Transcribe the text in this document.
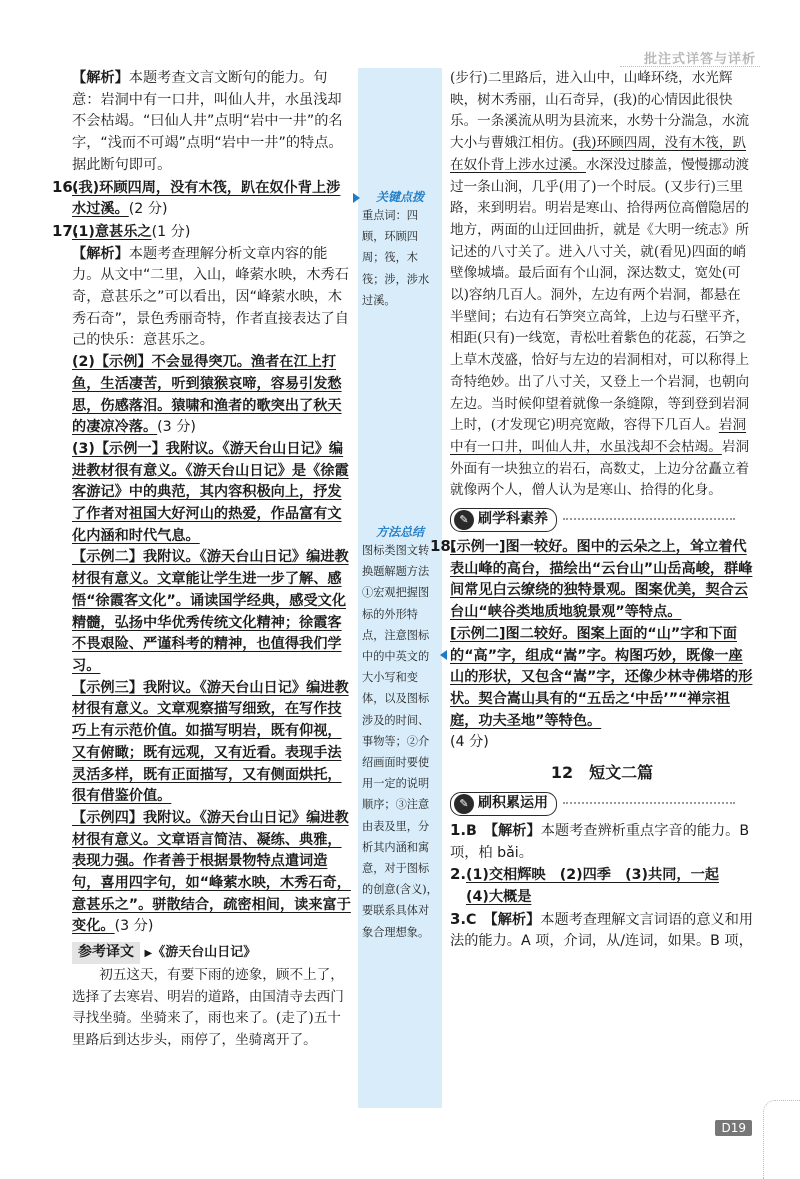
批注式详答与详析

【解析】本题考查文言文断句的能力。句意：岩洞中有一口井，叫仙人井，水虽浅却不会枯竭。“曰仙人井”点明“岩中一井”的名字，“浅而不可竭”点明“岩中一井”的特点。据此断句即可。

16.(我)环顾四周，没有木筏，趴在奴仆背上涉水过溪。(2 分)

17.(1)意甚乐之(1 分)

【解析】本题考查理解分析文章内容的能力。从文中“二里，入山，峰萦水映，木秀石奇，意甚乐之”可以看出，因“峰萦水映，木秀石奇”，景色秀丽奇特，作者直接表达了自己的快乐：意甚乐之。

(2)【示例】不会显得突兀。渔者在江上打鱼，生活凄苦，听到猿猴哀啼，容易引发愁思，伤感落泪。猿啸和渔者的歌突出了秋天的凄凉冷落。(3 分)

(3)【示例一】我附议。《游天台山日记》编进教材很有意义。《游天台山日记》是《徐霞客游记》中的典范，其内容积极向上，抒发了作者对祖国大好河山的热爱，作品富有文化内涵和时代气息。

【示例二】我附议。《游天台山日记》编进教材很有意义。文章能让学生进一步了解、感悟“徐霞客文化”。诵读国学经典，感受文化精髓，弘扬中华优秀传统文化精神；徐霞客不畏艰险、严谨科考的精神，也值得我们学习。

【示例三】我附议。《游天台山日记》编进教材很有意义。文章观察描写细致，在写作技巧上有示范价值。如描写明岩，既有仰视，又有俯瞰；既有远观，又有近看。表现手法灵活多样，既有正面描写，又有侧面烘托，很有借鉴价值。

【示例四】我附议。《游天台山日记》编进教材很有意义。文章语言简洁、凝练、典雅，表现力强。作者善于根据景物特点遣词造句，喜用四字句，如“峰萦水映，木秀石奇，意甚乐之”。骈散结合，疏密相间，读来富于变化。(3 分)

参考译文 ▶《游天台山日记》

初五这天，有要下雨的迹象，顾不上了，选择了去寒岩、明岩的道路，由国清寺去西门寻找坐骑。坐骑来了，雨也来了。(走了)五十里路后到达步头，雨停了，坐骑离开了。

关键点拨

重点词：四顾，环顾四周；筏，木筏；涉，涉水过溪。

方法总结

图标类图文转换题解题方法①宏观把握图标的外形特点，注意图标中的中英文的大小写和变体，以及图标涉及的时间、事物等；②介绍画面时要使用一定的说明顺序；③注意由表及里，分析其内涵和寓意，对于图标的创意(含义)，要联系具体对象合理想象。

(步行)二里路后，进入山中，山峰环绕，水光辉映，树木秀丽，山石奇异，(我)的心情因此很快乐。一条溪流从明为县流来，水势十分湍急，水流大小与曹娥江相仿。(我)环顾四周，没有木筏，趴在奴仆背上涉水过溪。水深没过膝盖，慢慢挪动渡过一条山涧，几乎(用了)一个时辰。(又步行)三里路，来到明岩。明岩是寒山、拾得两位高僧隐居的地方，两面的山迂回曲折，就是《大明一统志》所记述的八寸关了。进入八寸关，就(看见)四面的峭壁像城墙。最后面有个山洞，深达数丈，宽处(可以)容纳几百人。洞外，左边有两个岩洞，都悬在半壁间；右边有石笋突立高耸，上边与石壁平齐，相距(只有)一线宽，青松吐着紫色的花蕊，石笋之上草木茂盛，恰好与左边的岩洞相对，可以称得上奇特绝妙。出了八寸关，又登上一个岩洞，也朝向左边。当时候仰望着就像一条缝隙，等到登到岩洞上时，(才发现它)明亮宽敞，容得下几百人。岩洞中有一口井，叫仙人井，水虽浅却不会枯竭。岩洞外面有一块独立的岩石，高数丈，上边分岔矗立着就像两个人，僧人认为是寒山、拾得的化身。

✎ 刷学科素养

18.[示例一]图一较好。图中的云朵之上，耸立着代表山峰的高台，描绘出“云台山”山岳高峻，群峰间常见白云缭绕的独特景观。图案优美，契合云台山“峡谷类地质地貌景观”等特点。

[示例二]图二较好。图案上面的“山”字和下面的“高”字，组成“嵩”字。构图巧妙，既像一座山的形状，又包含“嵩”字，还像少林寺佛塔的形状。契合嵩山具有的“五岳之‘中岳’”“禅宗祖庭，功夫圣地”等特色。

(4 分)

12　短文二篇

✎ 刷积累运用

1.B　 【解析】本题考查辨析重点字音的能力。B 项，柏 bǎi。

2.(1)交相辉映　(2)四季　(3)共同，一起
(4)大概是

3.C　 【解析】本题考查理解文言词语的意义和用法的能力。A 项，介词，从/连词，如果。B 项，

D19
